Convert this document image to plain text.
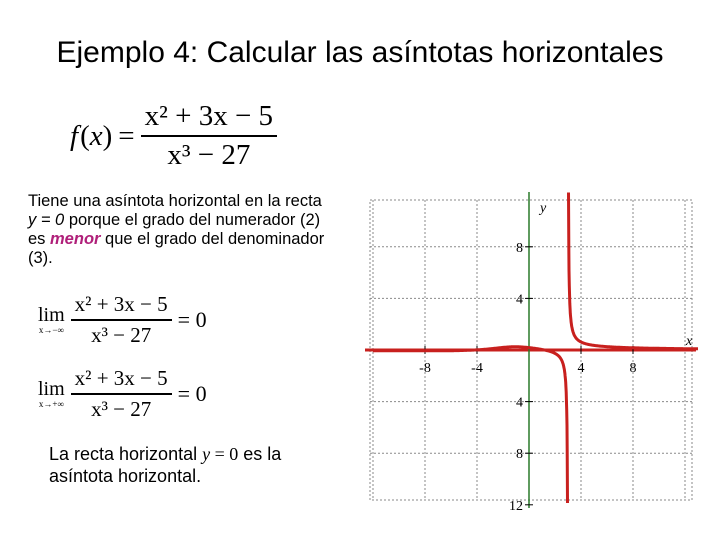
Ejemplo 4: Calcular las asíntotas horizontales
f $(x) = \frac{\text{x² + 3x − 5}}{\text{x³ − 27}}$
Tiene una asíntota horizontal en la recta y = 0 porque el grado del numerador (2) es menor que el grado del denominador (3).
lim
$x\to-\infty \frac{\text{x² + 3x − 5}}{\text{x³ − 27}} = 0$
lim
$x\to+\infty \frac{\text{x² + 3x − 5}}{\text{x³ − 27}} = 0$
La recta horizontal y = 0 es la asíntota horizontal.
x
y
-8	-4	4	8
8
4
4
8
12
